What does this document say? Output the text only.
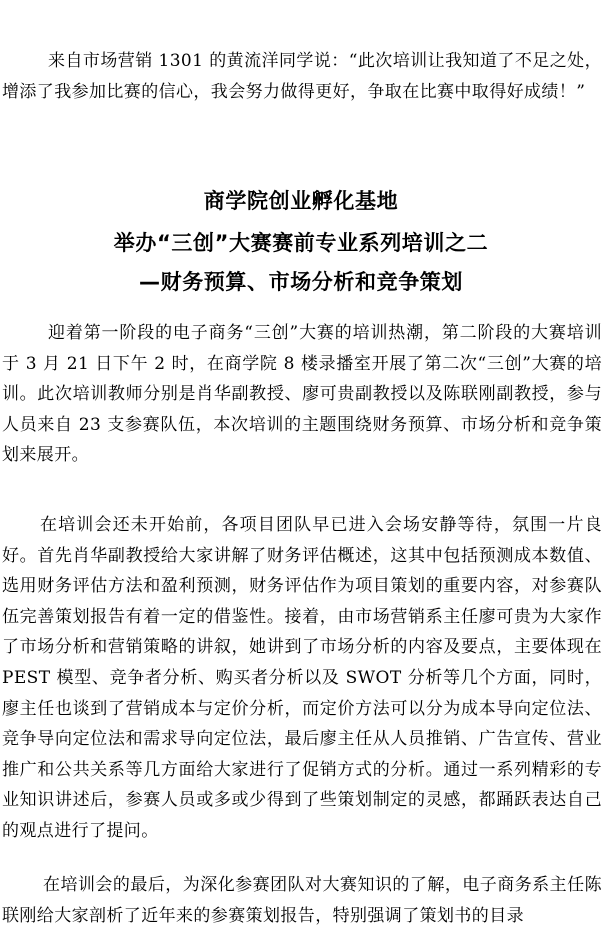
来自市场营销 1301 的黄流洋同学说：“此次培训让我知道了不足之处，增添了我参加比赛的信心，我会努力做得更好，争取在比赛中取得好成绩！”

商学院创业孵化基地
举办“三创”大赛赛前专业系列培训之二
—财务预算、市场分析和竞争策划

迎着第一阶段的电子商务“三创”大赛的培训热潮，第二阶段的大赛培训于 3 月 21 日下午 2 时，在商学院 8 楼录播室开展了第二次“三创”大赛的培训。此次培训教师分别是肖华副教授、廖可贵副教授以及陈联刚副教授，参与人员来自 23 支参赛队伍，本次培训的主题围绕财务预算、市场分析和竞争策划来展开。

在培训会还未开始前，各项目团队早已进入会场安静等待，氛围一片良好。首先肖华副教授给大家讲解了财务评估概述，这其中包括预测成本数值、选用财务评估方法和盈利预测，财务评估作为项目策划的重要内容，对参赛队伍完善策划报告有着一定的借鉴性。接着，由市场营销系主任廖可贵为大家作了市场分析和营销策略的讲叙，她讲到了市场分析的内容及要点，主要体现在 PEST 模型、竞争者分析、购买者分析以及 SWOT 分析等几个方面，同时，廖主任也谈到了营销成本与定价分析，而定价方法可以分为成本导向定位法、竞争导向定位法和需求导向定位法，最后廖主任从人员推销、广告宣传、营业推广和公共关系等几方面给大家进行了促销方式的分析。通过一系列精彩的专业知识讲述后，参赛人员或多或少得到了些策划制定的灵感，都踊跃表达自己的观点进行了提问。

在培训会的最后，为深化参赛团队对大赛知识的了解，电子商务系主任陈联刚给大家剖析了近年来的参赛策划报告，特别强调了策划书的目录
